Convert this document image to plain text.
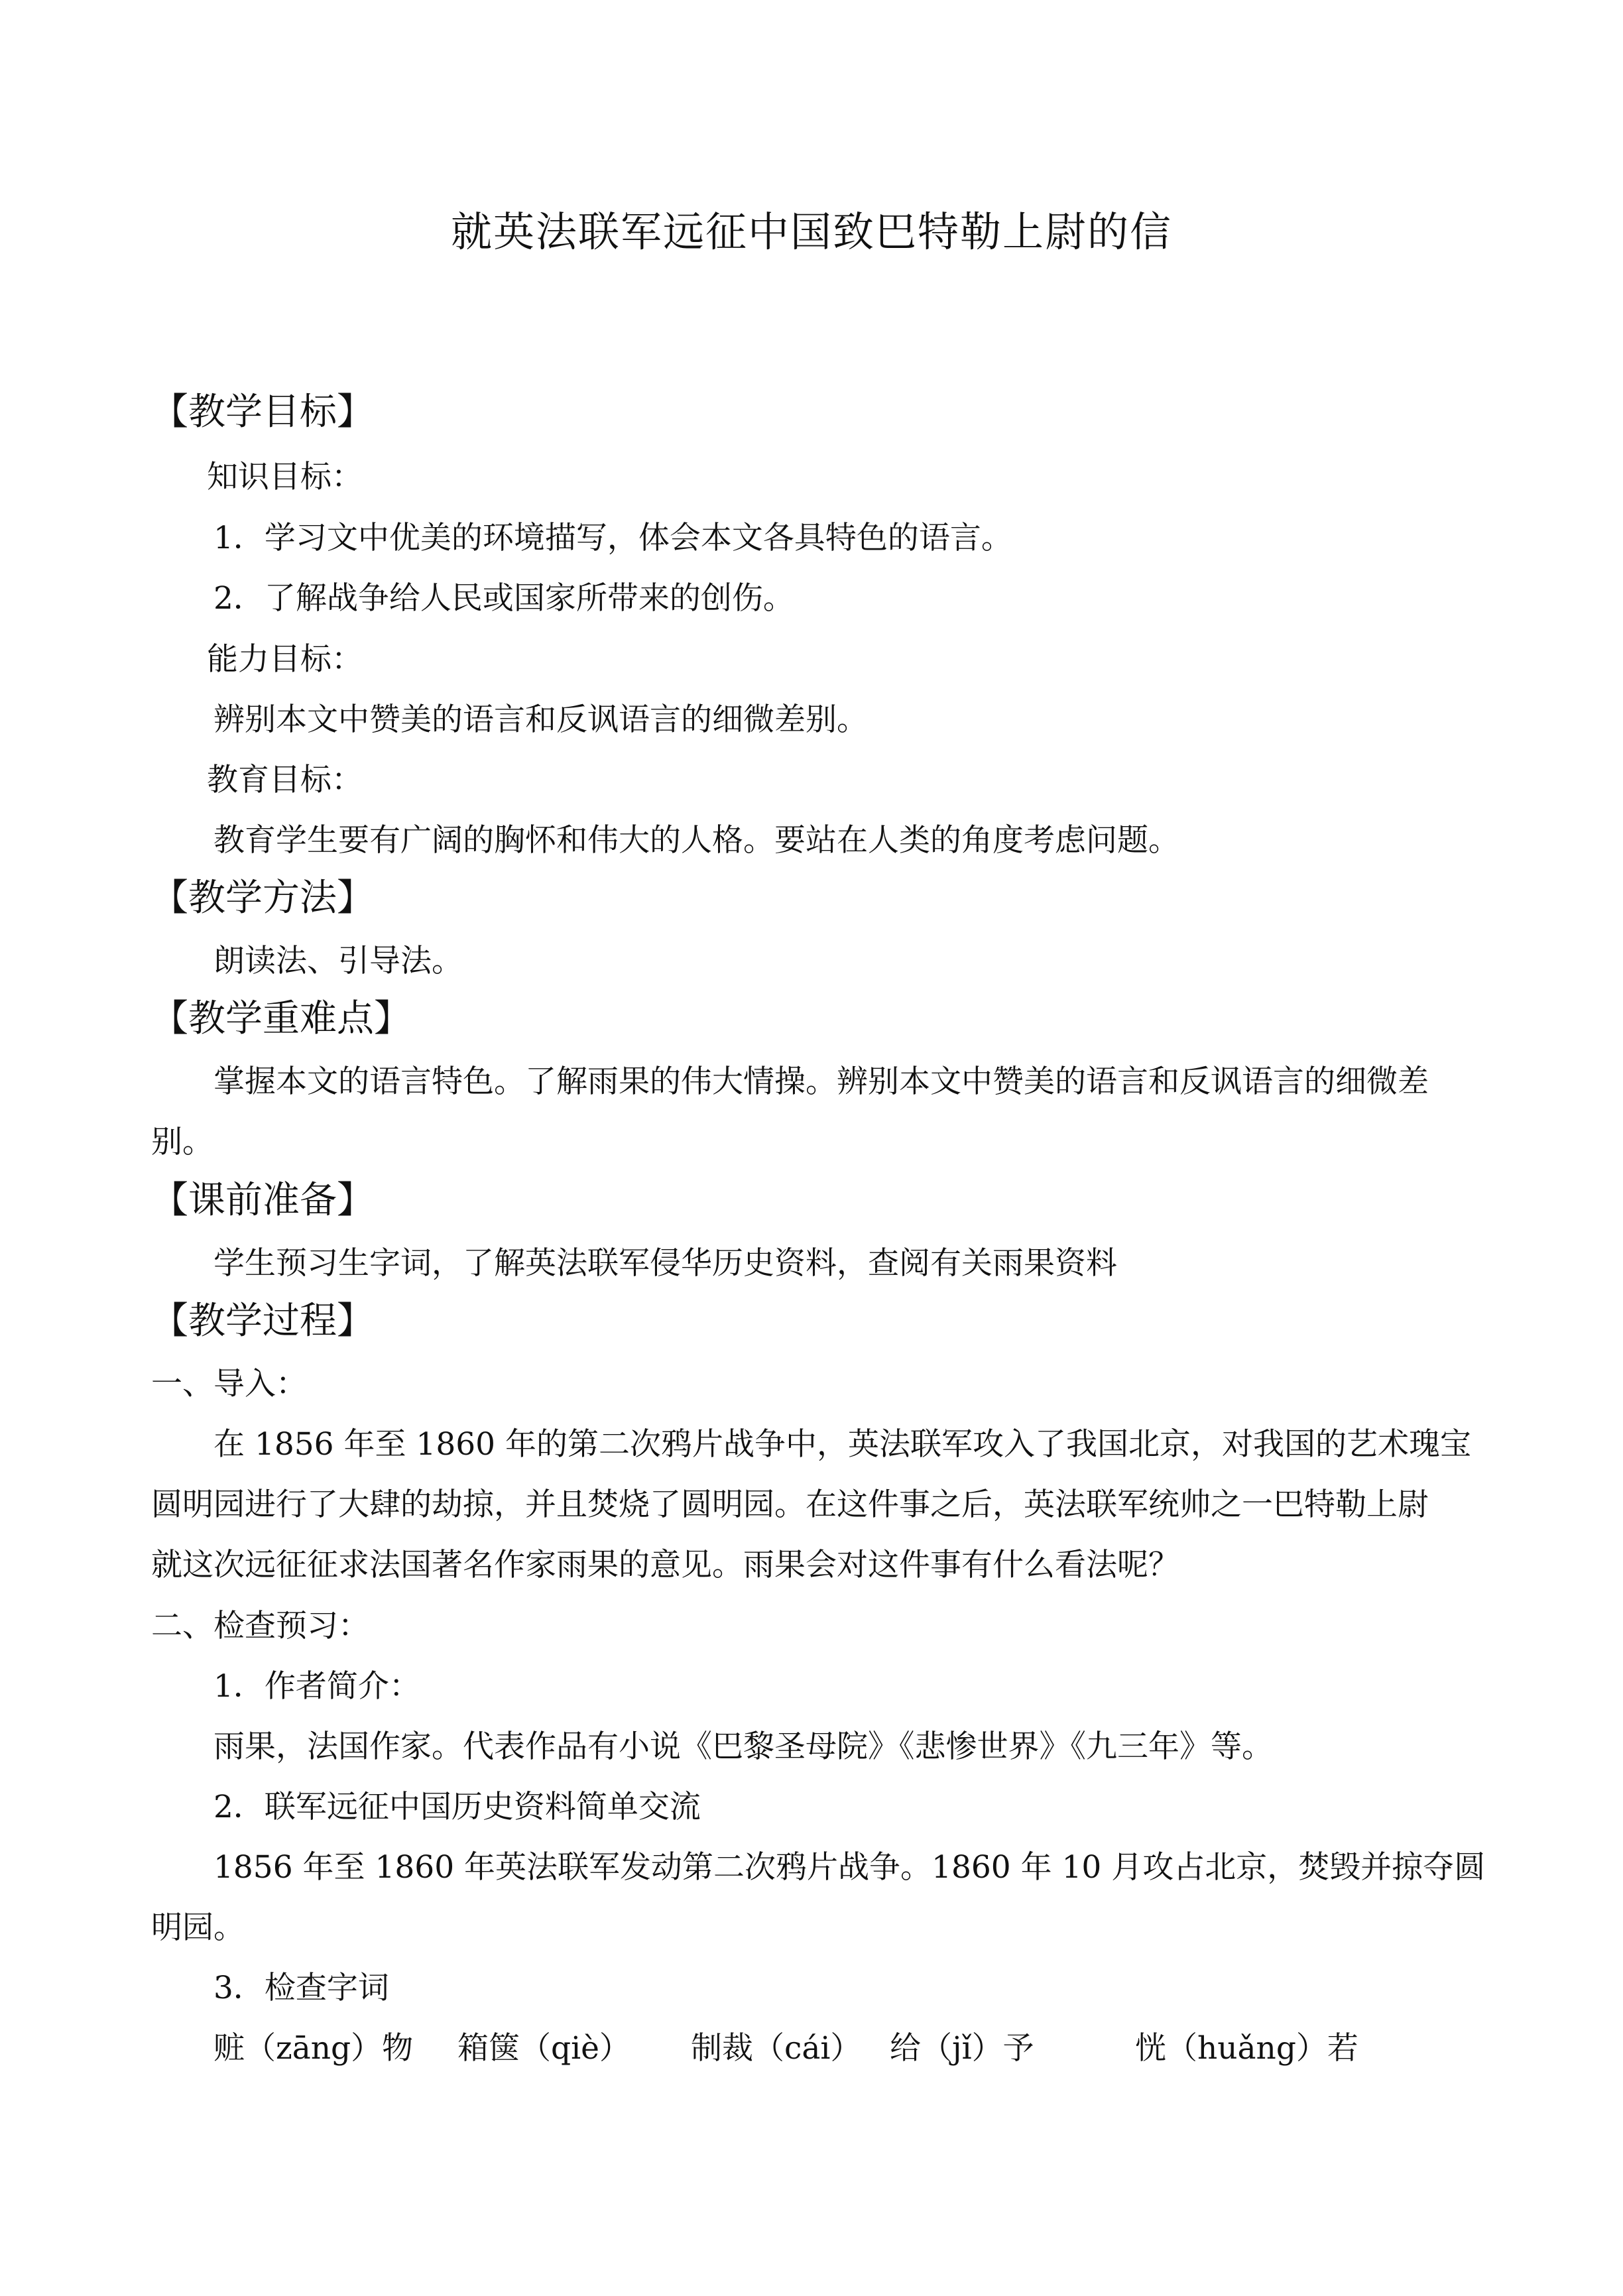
就英法联军远征中国致巴特勒上尉的信
【教学目标】
知识目标：
1．学习文中优美的环境描写，体会本文各具特色的语言。
2．了解战争给人民或国家所带来的创伤。
能力目标：
辨别本文中赞美的语言和反讽语言的细微差别。
教育目标：
教育学生要有广阔的胸怀和伟大的人格。要站在人类的角度考虑问题。
【教学方法】
朗读法、引导法。
【教学重难点】
掌握本文的语言特色。了解雨果的伟大情操。辨别本文中赞美的语言和反讽语言的细微差
别。
【课前准备】
学生预习生字词，了解英法联军侵华历史资料，查阅有关雨果资料
【教学过程】
一、导入：
在 1856 年至 1860 年的第二次鸦片战争中，英法联军攻入了我国北京，对我国的艺术瑰宝
圆明园进行了大肆的劫掠，并且焚烧了圆明园。在这件事之后，英法联军统帅之一巴特勒上尉
就这次远征征求法国著名作家雨果的意见。雨果会对这件事有什么看法呢？
二、检查预习：
1．作者简介：
雨果，法国作家。代表作品有小说《巴黎圣母院》《悲惨世界》《九三年》等。
2．联军远征中国历史资料简单交流
1856 年至 1860 年英法联军发动第二次鸦片战争。1860 年 10 月攻占北京，焚毁并掠夺圆
明园。
3．检查字词
赃（zāng）物 箱箧（qiè） 制裁（cái） 给（jǐ）予	恍（huǎng）若
